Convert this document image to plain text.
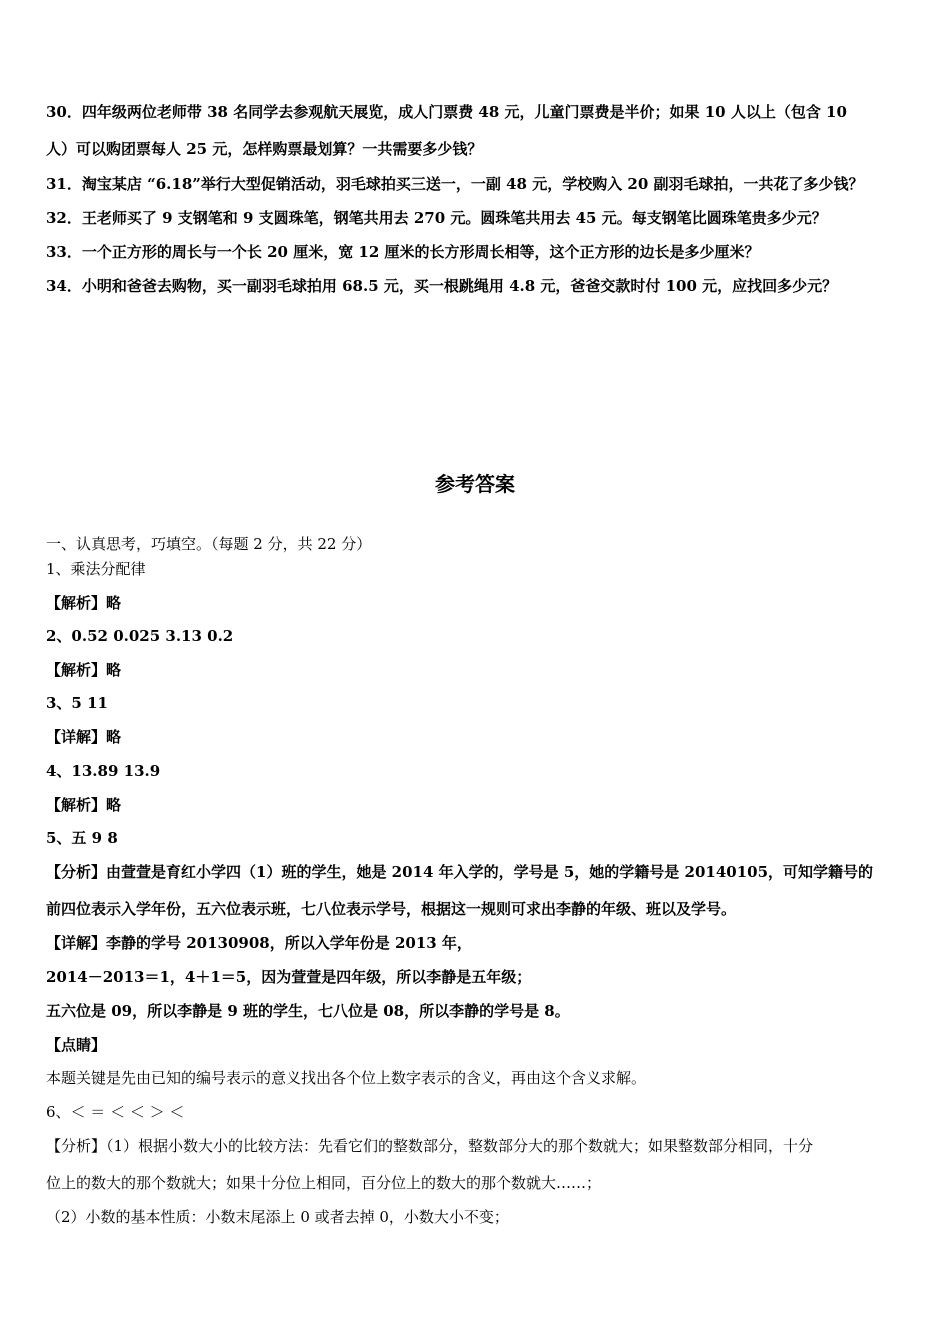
30．四年级两位老师带 38 名同学去参观航天展览，成人门票费 48 元，儿童门票费是半价；如果 10 人以上（包含 10
人）可以购团票每人 25 元，怎样购票最划算？一共需要多少钱？
31．淘宝某店 “6.18”举行大型促销活动，羽毛球拍买三送一，一副 48 元，学校购入 20 副羽毛球拍，一共花了多少钱？
32．王老师买了 9 支钢笔和 9 支圆珠笔，钢笔共用去 270 元。圆珠笔共用去 45 元。每支钢笔比圆珠笔贵多少元？
33．一个正方形的周长与一个长 20 厘米，宽 12 厘米的长方形周长相等，这个正方形的边长是多少厘米？
34．小明和爸爸去购物，买一副羽毛球拍用 68.5 元，买一根跳绳用 4.8 元，爸爸交款时付 100 元，应找回多少元？
参考答案
一、认真思考，巧填空。（每题 2 分，共 22 分）
1、乘法分配律
【解析】略
2、0.52 0.025 3.13 0.2
【解析】略
3、5 11
【详解】略
4、13.89 13.9
【解析】略
5、五 9 8
【分析】由萱萱是育红小学四（1）班的学生，她是 2014 年入学的，学号是 5，她的学籍号是 20140105，可知学籍号的
前四位表示入学年份，五六位表示班，七八位表示学号，根据这一规则可求出李静的年级、班以及学号。
【详解】李静的学号 20130908，所以入学年份是 2013 年，
2014－2013＝1，4＋1＝5，因为萱萱是四年级，所以李静是五年级；
五六位是 09，所以李静是 9 班的学生，七八位是 08，所以李静的学号是 8。
【点睛】
本题关键是先由已知的编号表示的意义找出各个位上数字表示的含义，再由这个含义求解。
6、＜ ＝ ＜ ＜ ＞ ＜
【分析】（1）根据小数大小的比较方法：先看它们的整数部分，整数部分大的那个数就大；如果整数部分相同，十分
位上的数大的那个数就大；如果十分位上相同，百分位上的数大的那个数就大……；
（2）小数的基本性质：小数末尾添上 0 或者去掉 0，小数大小不变；
